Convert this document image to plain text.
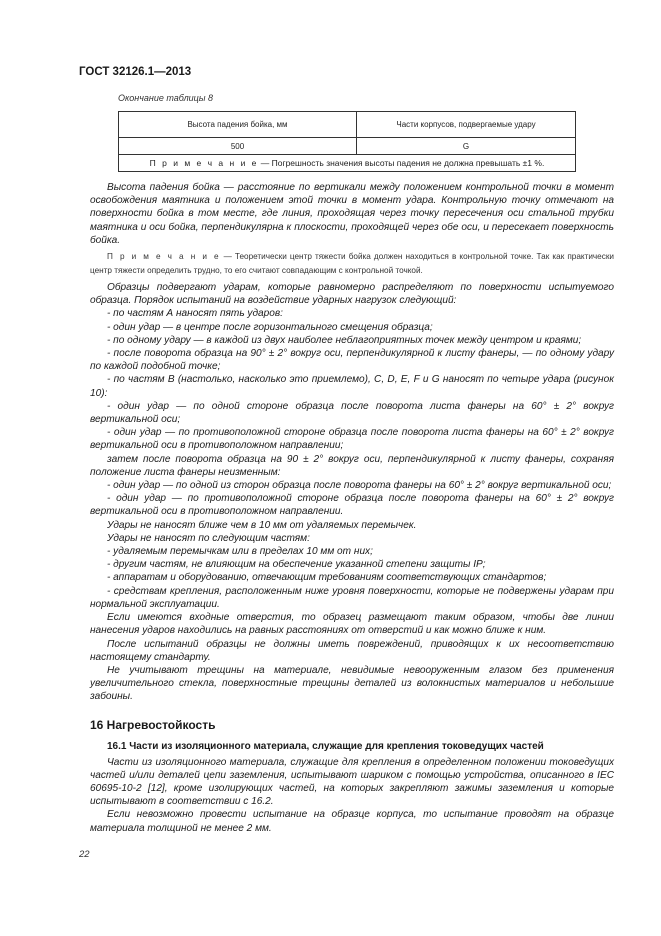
ГОСТ 32126.1—2013
Окончание таблицы 8
Высота падения бойка, мм	Части корпусов, подвергаемые удару
500	G
П р и м е ч а н и е — Погрешность значения высоты падения не должна превышать ±1 %.	

Высота падения бойка — расстояние по вертикали между положением контрольной точки в момент освобождения маятника и положением этой точки в момент удара. Контрольную точку отмечают на поверхности бойка в том месте, где линия, проходящая через точку пересечения оси стальной трубки маятника и оси бойка, перпендикулярна к плоскости, проходящей через обе оси, и пересекает поверхность бойка.

П р и м е ч а н и е — Теоретически центр тяжести бойка должен находиться в контрольной точке. Так как практически центр тяжести определить трудно, то его считают совпадающим с контрольной точкой.

Образцы подвергают ударам, которые равномерно распределяют по поверхности испытуемого образца. Порядок испытаний на воздействие ударных нагрузок следующий:

- по частям А наносят пять ударов:

- один удар — в центре после горизонтального смещения образца;

- по одному удару — в каждой из двух наиболее неблагоприятных точек между центром и краями;

- после поворота образца на 90° ± 2° вокруг оси, перпендикулярной к листу фанеры, — по одному удару по каждой подобной точке;

- по частям В (настолько, насколько это приемлемо), С, D, Е, F и G наносят по четыре удара (рисунок 10):

- один удар — по одной стороне образца после поворота листа фанеры на 60° ± 2° вокруг вертикальной оси;

- один удар — по противоположной стороне образца после поворота листа фанеры на 60° ± 2° вокруг вертикальной оси в противоположном направлении;

затем после поворота образца на 90 ± 2° вокруг оси, перпендикулярной к листу фанеры, сохраняя положение листа фанеры неизменным:

- один удар — по одной из сторон образца после поворота фанеры на 60° ± 2° вокруг вертикальной оси;

- один удар — по противоположной стороне образца после поворота фанеры на 60° ± 2° вокруг вертикальной оси в противоположном направлении.

Удары не наносят ближе чем в 10 мм от удаляемых перемычек.

Удары не наносят по следующим частям:

- удаляемым перемычкам или в пределах 10 мм от них;

- другим частям, не влияющим на обеспечение указанной степени защиты IP;

- аппаратам и оборудованию, отвечающим требованиям соответствующих стандартов;

- средствам крепления, расположенным ниже уровня поверхности, которые не подвержены ударам при нормальной эксплуатации.

Если имеются входные отверстия, то образец размещают таким образом, чтобы две линии нанесения ударов находились на равных расстояниях от отверстий и как можно ближе к ним.

После испытаний образцы не должны иметь повреждений, приводящих к их несоответствию настоящему стандарту.

Не учитывают трещины на материале, невидимые невооруженным глазом без применения увеличительного стекла, поверхностные трещины деталей из волокнистых материалов и небольшие забоины.

16 Нагревостойкость
16.1 Части из изоляционного материала, служащие для крепления токоведущих частей

Части из изоляционного материала, служащие для крепления в определенном положении токоведущих частей и/или деталей цепи заземления, испытывают шариком с помощью устройства, описанного в IEC 60695-10-2 [12], кроме изолирующих частей, на которых закрепляют зажимы заземления и которые испытывают в соответствии с 16.2.

Если невозможно провести испытание на образце корпуса, то испытание проводят на образце материала толщиной не менее 2 мм.

22
